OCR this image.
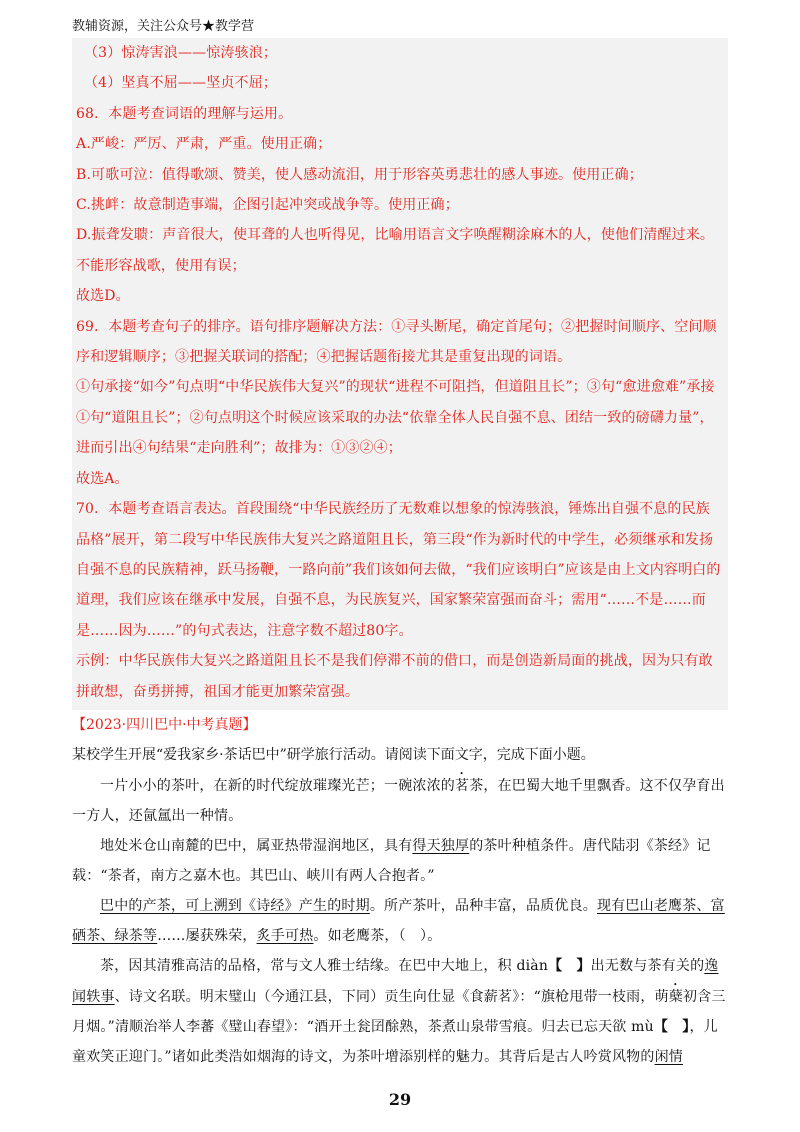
教辅资源，关注公众号★教学营

（3）惊涛害浪——惊涛骇浪；

（4）坚真不屈——坚贞不屈；

68．本题考查词语的理解与运用。

A.严峻：严厉、严肃，严重。使用正确；

B.可歌可泣：值得歌颂、赞美，使人感动流泪，用于形容英勇悲壮的感人事迹。使用正确；

C.挑衅：故意制造事端，企图引起冲突或战争等。使用正确；

D.振聋发聩：声音很大，使耳聋的人也听得见，比喻用语言文字唤醒糊涂麻木的人，使他们清醒过来。不能形容战歌，使用有误；

故选D。

69．本题考查句子的排序。语句排序题解决方法：①寻头断尾，确定首尾句；②把握时间顺序、空间顺序和逻辑顺序；③把握关联词的搭配；④把握话题衔接尤其是重复出现的词语。

①句承接“如今”句点明“中华民族伟大复兴”的现状“进程不可阻挡，但道阻且长”；③句“愈进愈难”承接①句“道阻且长”；②句点明这个时候应该采取的办法“依靠全体人民自强不息、团结一致的磅礴力量”，进而引出④句结果“走向胜利”；故排为：①③②④；

故选A。

70．本题考查语言表达。首段围绕“中华民族经历了无数难以想象的惊涛骇浪，锤炼出自强不息的民族品格”展开，第二段写中华民族伟大复兴之路道阻且长，第三段“作为新时代的中学生，必须继承和发扬自强不息的民族精神，跃马扬鞭，一路向前”我们该如何去做，“我们应该明白”应该是由上文内容明白的道理，我们应该在继承中发展，自强不息，为民族复兴，国家繁荣富强而奋斗；需用“……不是……而是……因为……”的句式表达，注意字数不超过80字。

示例：中华民族伟大复兴之路道阻且长不是我们停滞不前的借口，而是创造新局面的挑战，因为只有敢拼敢想，奋勇拼搏，祖国才能更加繁荣富强。

【2023·四川巴中·中考真题】

某校学生开展“爱我家乡·茶话巴中”研学旅行活动。请阅读下面文字，完成下面小题。

一片小小的茶叶，在新的时代绽放璀璨光芒；一碗浓浓的茗茶，在巴蜀大地千里飘香。这不仅孕育出一方人，还氤氲出一种情。

地处米仓山南麓的巴中，属亚热带湿润地区，具有得天独厚的茶叶种植条件。唐代陆羽《茶经》记载：“茶者，南方之嘉木也。其巴山、峡川有两人合抱者。”

巴中的产茶，可上溯到《诗经》产生的时期。所产茶叶，品种丰富，品质优良。现有巴山老鹰茶、富硒茶、绿茶等……屡获殊荣，炙手可热。如老鹰茶，（　）。

茶，因其清雅高洁的品格，常与文人雅士结缘。在巴中大地上，积 diàn【　 】出无数与茶有关的逸闻轶事、诗文名联。明末璧山（今通江县，下同）贡生向仕显《食薪茗》：“旗枪甩带一枝雨，萌蘖初含三月烟。”清顺治举人李蕃《璧山春望》：“酒开土瓮囝酴熟，茶煮山泉带雪痕。归去已忘天欲 mù【　 】，儿童欢笑正迎门。”诸如此类浩如烟海的诗文，为茶叶增添别样的魅力。其背后是古人吟赏风物的闲情

29
